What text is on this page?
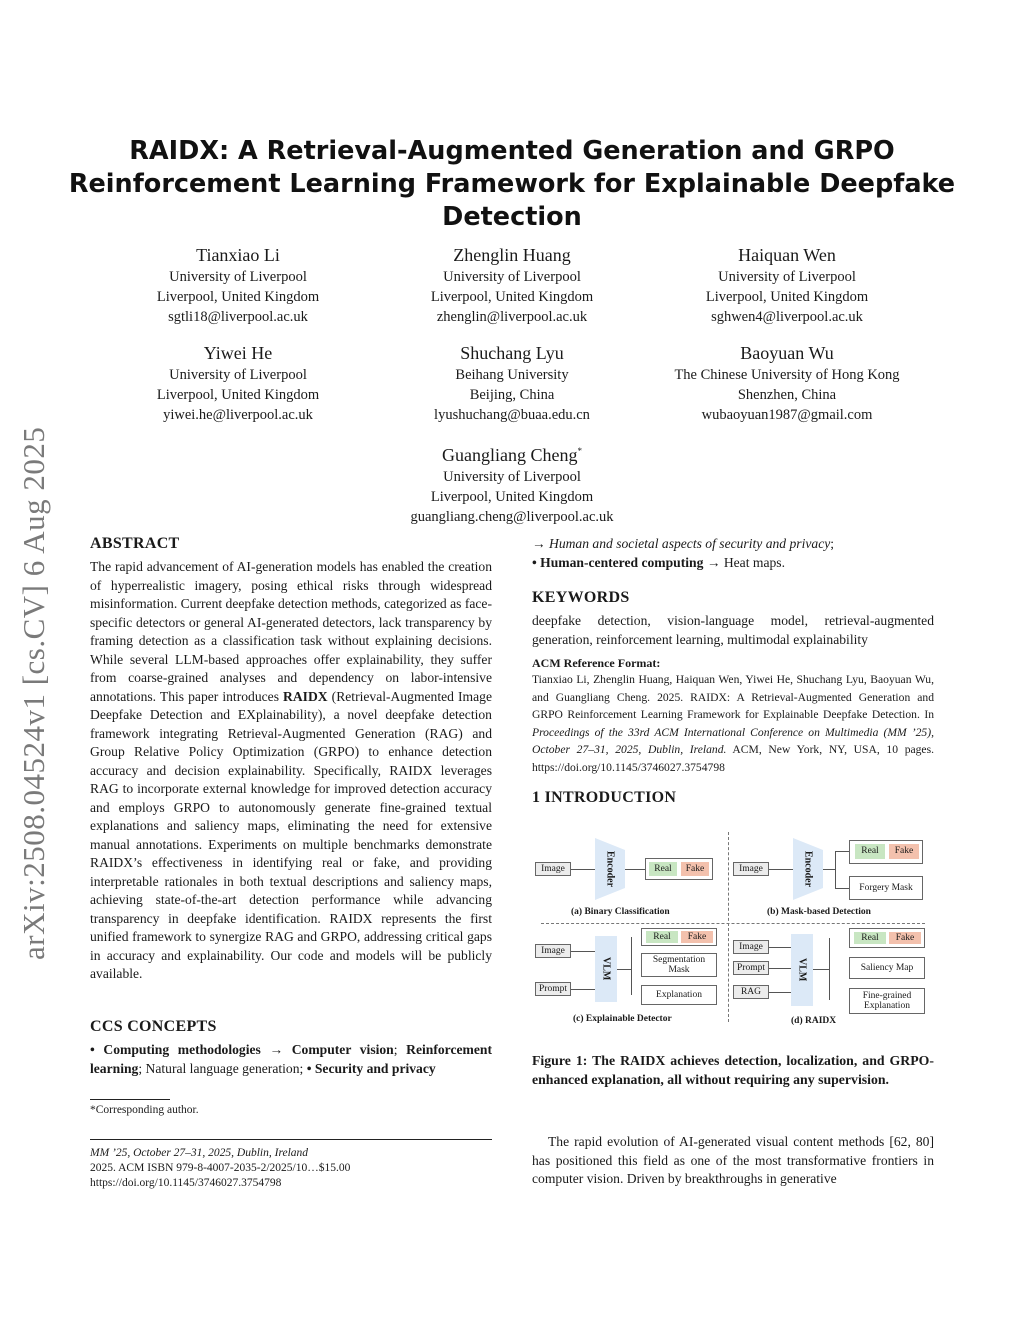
arXiv:2508.04524v1 [cs.CV] 6 Aug 2025
RAIDX: A Retrieval-Augmented Generation and GRPO Reinforcement Learning Framework for Explainable Deepfake Detection
Tianxiao Li
University of Liverpool
Liverpool, United Kingdom
sgtli18@liverpool.ac.uk
Zhenglin Huang
University of Liverpool
Liverpool, United Kingdom
zhenglin@liverpool.ac.uk
Haiquan Wen
University of Liverpool
Liverpool, United Kingdom
sghwen4@liverpool.ac.uk
Yiwei He
University of Liverpool
Liverpool, United Kingdom
yiwei.he@liverpool.ac.uk
Shuchang Lyu
Beihang University
Beijing, China
lyushuchang@buaa.edu.cn
Baoyuan Wu
The Chinese University of Hong Kong
Shenzhen, China
wubaoyuan1987@gmail.com
Guangliang Cheng*
University of Liverpool
Liverpool, United Kingdom
guangliang.cheng@liverpool.ac.uk
ABSTRACT
The rapid advancement of AI-generation models has enabled the creation of hyperrealistic imagery, posing ethical risks through widespread misinformation. Current deepfake detection methods, categorized as face-specific detectors or general AI-generated detectors, lack transparency by framing detection as a classification task without explaining decisions. While several LLM-based approaches offer explainability, they suffer from coarse-grained analyses and dependency on labor-intensive annotations. This paper introduces RAIDX (Retrieval-Augmented Image Deepfake Detection and EXplainability), a novel deepfake detection framework integrating Retrieval-Augmented Generation (RAG) and Group Relative Policy Optimization (GRPO) to enhance detection accuracy and decision explainability. Specifically, RAIDX leverages RAG to incorporate external knowledge for improved detection accuracy and employs GRPO to autonomously generate fine-grained textual explanations and saliency maps, eliminating the need for extensive manual annotations. Experiments on multiple benchmarks demonstrate RAIDX’s effectiveness in identifying real or fake, and providing interpretable rationales in both textual descriptions and saliency maps, achieving state-of-the-art detection performance while advancing transparency in deepfake identification. RAIDX represents the first unified framework to synergize RAG and GRPO, addressing critical gaps in accuracy and explainability. Our code and models will be publicly available.
CCS CONCEPTS
• Computing methodologies → Computer vision; Reinforcement learning; Natural language generation; • Security and privacy
*Corresponding author.
MM ’25, October 27–31, 2025, Dublin, Ireland
2025. ACM ISBN 979-8-4007-2035-2/2025/10…$15.00
https://doi.org/10.1145/3746027.3754798
→ Human and societal aspects of security and privacy;
• Human-centered computing → Heat maps.
KEYWORDS
deepfake detection, vision-language model, retrieval-augmented generation, reinforcement learning, multimodal explainability
ACM Reference Format:
Tianxiao Li, Zhenglin Huang, Haiquan Wen, Yiwei He, Shuchang Lyu, Baoyuan Wu, and Guangliang Cheng. 2025. RAIDX: A Retrieval-Augmented Generation and GRPO Reinforcement Learning Framework for Explainable Deepfake Detection. In Proceedings of the 33rd ACM International Conference on Multimedia (MM ’25), October 27–31, 2025, Dublin, Ireland. ACM, New York, NY, USA, 10 pages. https://doi.org/10.1145/3746027.3754798
1 INTRODUCTION
Image	Encoder	Real	Fake
(a) Binary Classification
Image	Encoder	Real	Fake
Forgery Mask
(b) Mask-based Detection
Image
Prompt
VLM
Real	Fake
Segmentation Mask
Explanation
(c) Explainable Detector
Image
Prompt
RAG
VLM
Real	Fake
Saliency Map
Fine-grained Explanation
(d) RAIDX
Figure 1: The RAIDX achieves detection, localization, and GRPO-enhanced explanation, all without requiring any supervision.
The rapid evolution of AI-generated visual content methods [62, 80] has positioned this field as one of the most transformative frontiers in computer vision. Driven by breakthroughs in generative
